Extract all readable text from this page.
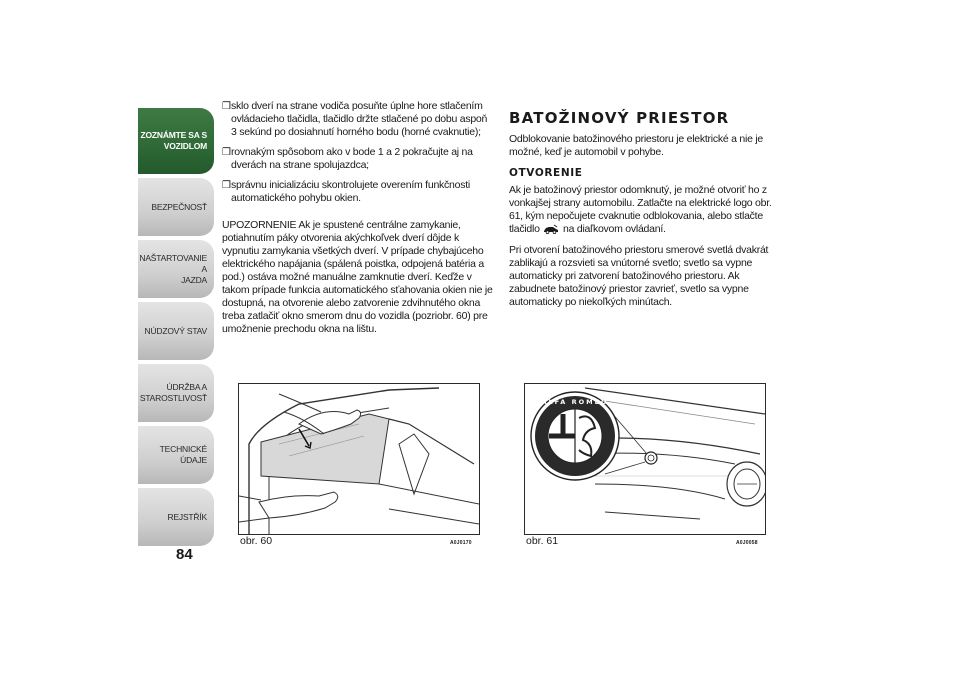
ZOZNÁMTE SA S
VOZIDLOM
BEZPEČNOSŤ
NAŠTARTOVANIE A
JAZDA
NÚDZOVÝ STAV
ÚDRŽBA A
STAROSTLIVOSŤ
TECHNICKÉ ÚDAJE
REJSTŘÍK
84
❒ sklo dverí na strane vodiča posuňte úplne hore stlačením ovládacieho tlačidla, tlačidlo držte stlačené po dobu aspoň 3 sekúnd po dosiahnutí horného bodu (horné cvaknutie);
❒ rovnakým spôsobom ako v bode 1 a 2 pokračujte aj na dverách na strane spolujazdca;
❒ správnu inicializáciu skontrolujete overením funkčnosti automatického pohybu okien.
UPOZORNENIE Ak je spustené centrálne zamykanie, potiahnutím páky otvorenia akýchkoľvek dverí dôjde k vypnutiu zamykania všetkých dverí. V prípade chybajúceho elektrického napájania (spálená poistka, odpojená batéria a pod.) ostáva možné manuálne zamknutie dverí. Keďže v takom prípade funkcia automatického sťahovania okien nie je dostupná, na otvorenie alebo zatvorenie zdvihnutého okna treba zatlačiť okno smerom dnu do vozidla (pozriobr. 60) pre umožnenie prechodu okna na lištu.
BATOŽINOVÝ PRIESTOR

Odblokovanie batožinového priestoru je elektrické a nie je možné, keď je automobil v pohybe.

OTVORENIE

Ak je batožinový priestor odomknutý, je možné otvoriť ho z vonkajšej strany automobilu. Zatlačte na elektrické logo obr. 61, kým nepočujete cvaknutie odblokovania, alebo stlačte tlačidlo na diaľkovom ovládaní.

Pri otvorení batožinového priestoru smerové svetlá dvakrát zablikajú a rozsvieti sa vnútorné svetlo; svetlo sa vypne automaticky pri zatvorení batožinového priestoru. Ak zabudnete batožinový priestor zavrieť, svetlo sa vypne automaticky po niekoľkých minútach.

obr. 60	A0J0170
ALFA ROMEO
obr. 61	A0J0058
